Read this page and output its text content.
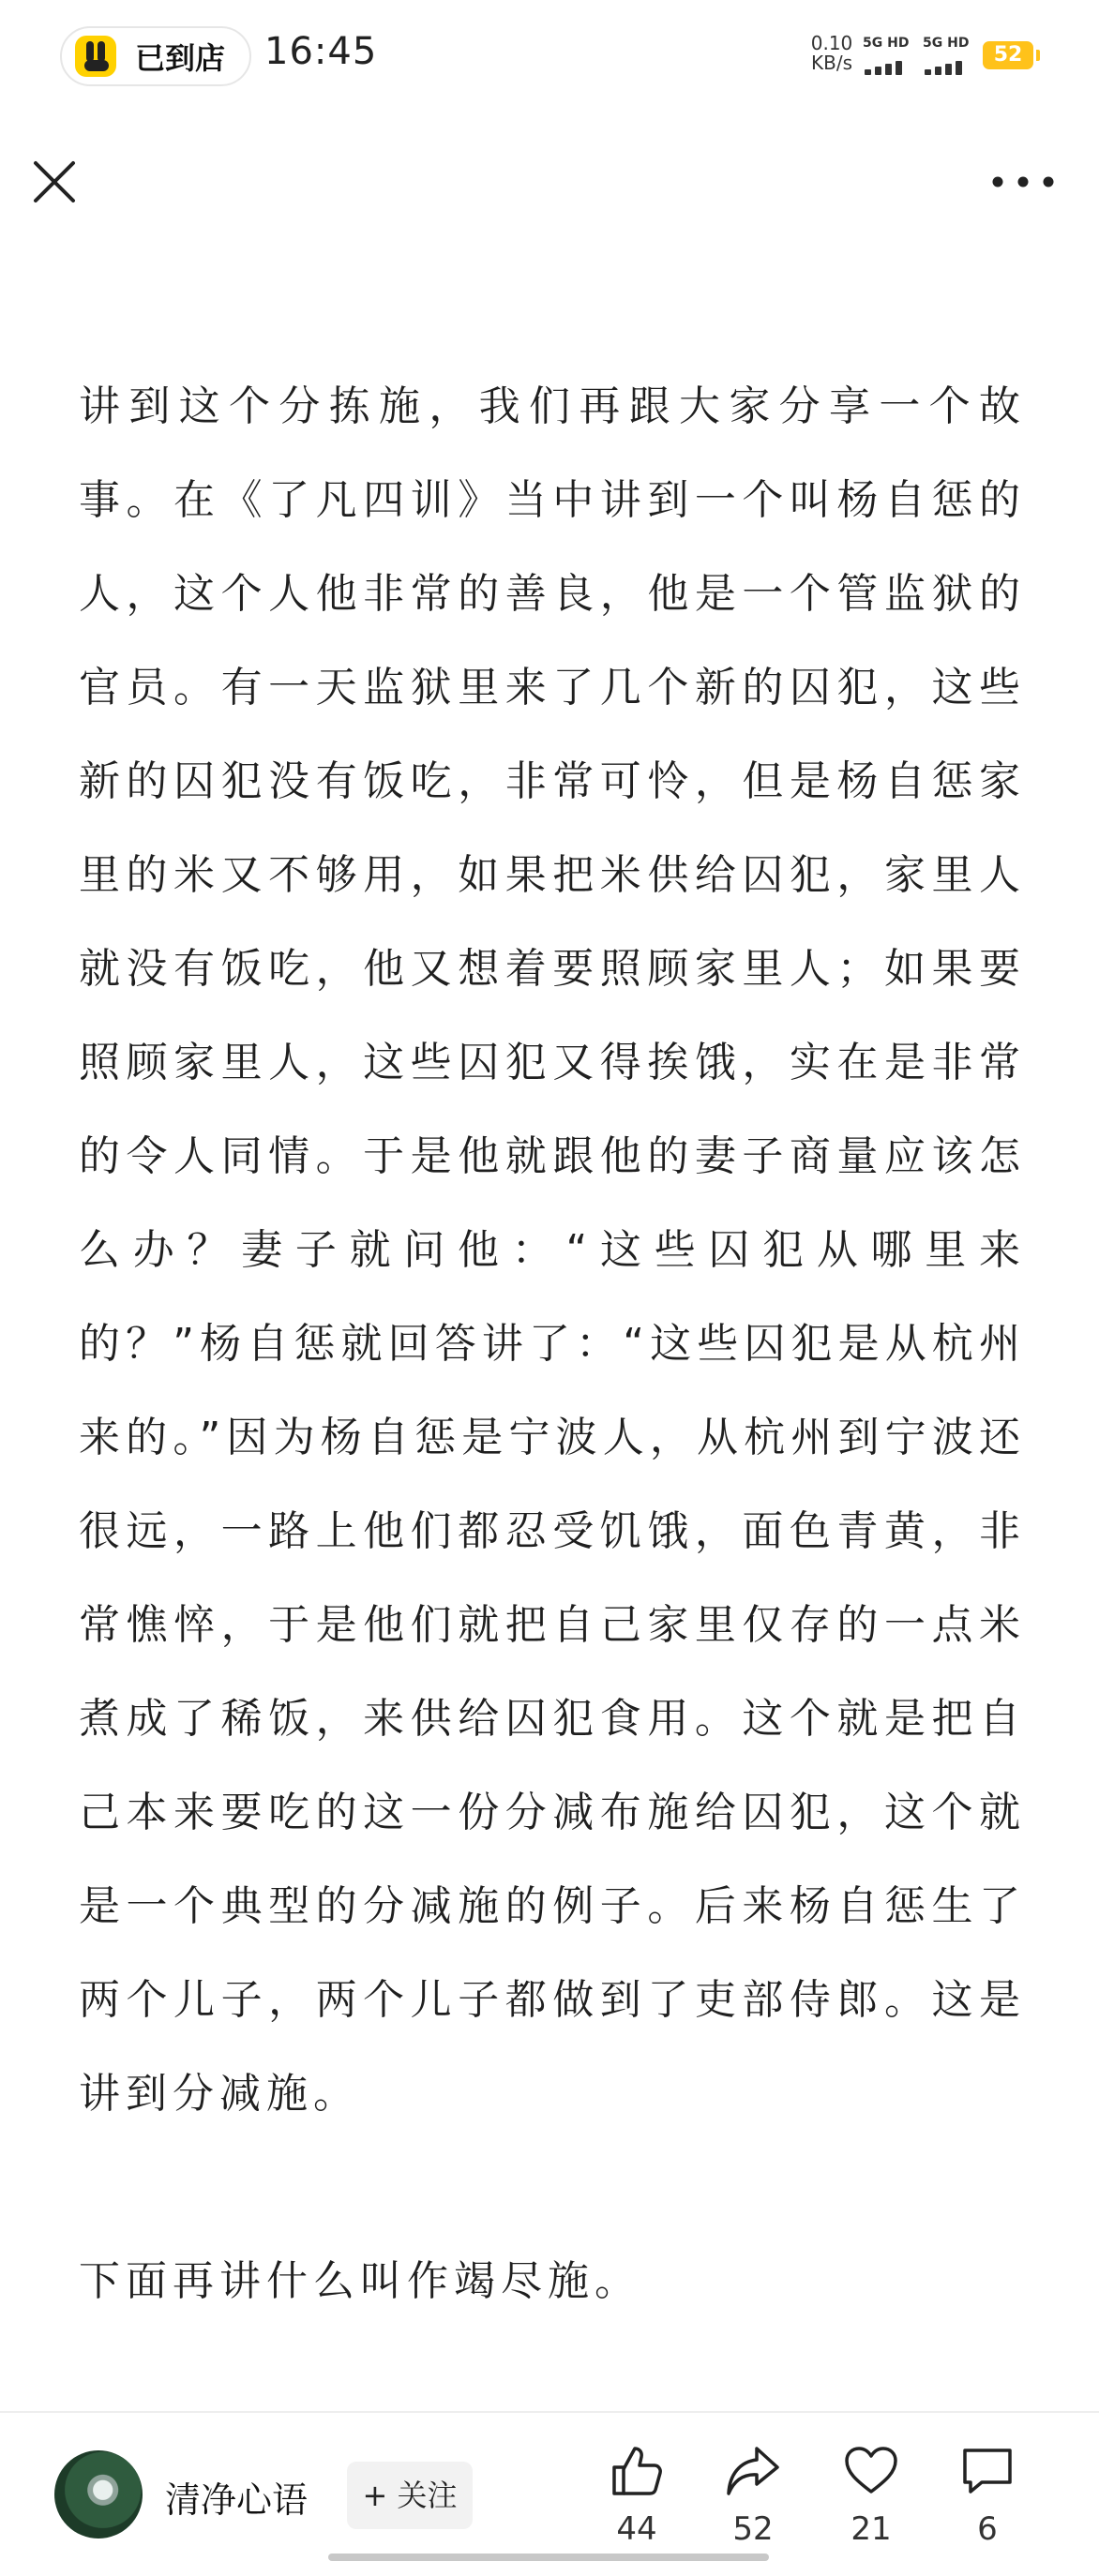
已到店 16:45	0.10
KB/s
5G HD 5G HD	52

讲到这个分拣施，我们再跟大家分享一个故事。在《了凡四训》当中讲到一个叫杨自惩的人，这个人他非常的善良，他是一个管监狱的官员。有一天监狱里来了几个新的囚犯，这些新的囚犯没有饭吃，非常可怜，但是杨自惩家里的米又不够用，如果把米供给囚犯，家里人就没有饭吃，他又想着要照顾家里人；如果要照顾家里人，这些囚犯又得挨饿，实在是非常的令人同情。于是他就跟他的妻子商量应该怎么办？妻子就问他：“这些囚犯从哪里来的？”杨自惩就回答讲了：“这些囚犯是从杭州来的。”因为杨自惩是宁波人，从杭州到宁波还很远，一路上他们都忍受饥饿，面色青黄，非常憔悴，于是他们就把自己家里仅存的一点米煮成了稀饭，来供给囚犯食用。这个就是把自己本来要吃的这一份分减布施给囚犯，这个就是一个典型的分减施的例子。后来杨自惩生了两个儿子，两个儿子都做到了吏部侍郎。这是讲到分减施。

下面再讲什么叫作竭尽施。

清净心语	+ 关注
44	52	21	6
